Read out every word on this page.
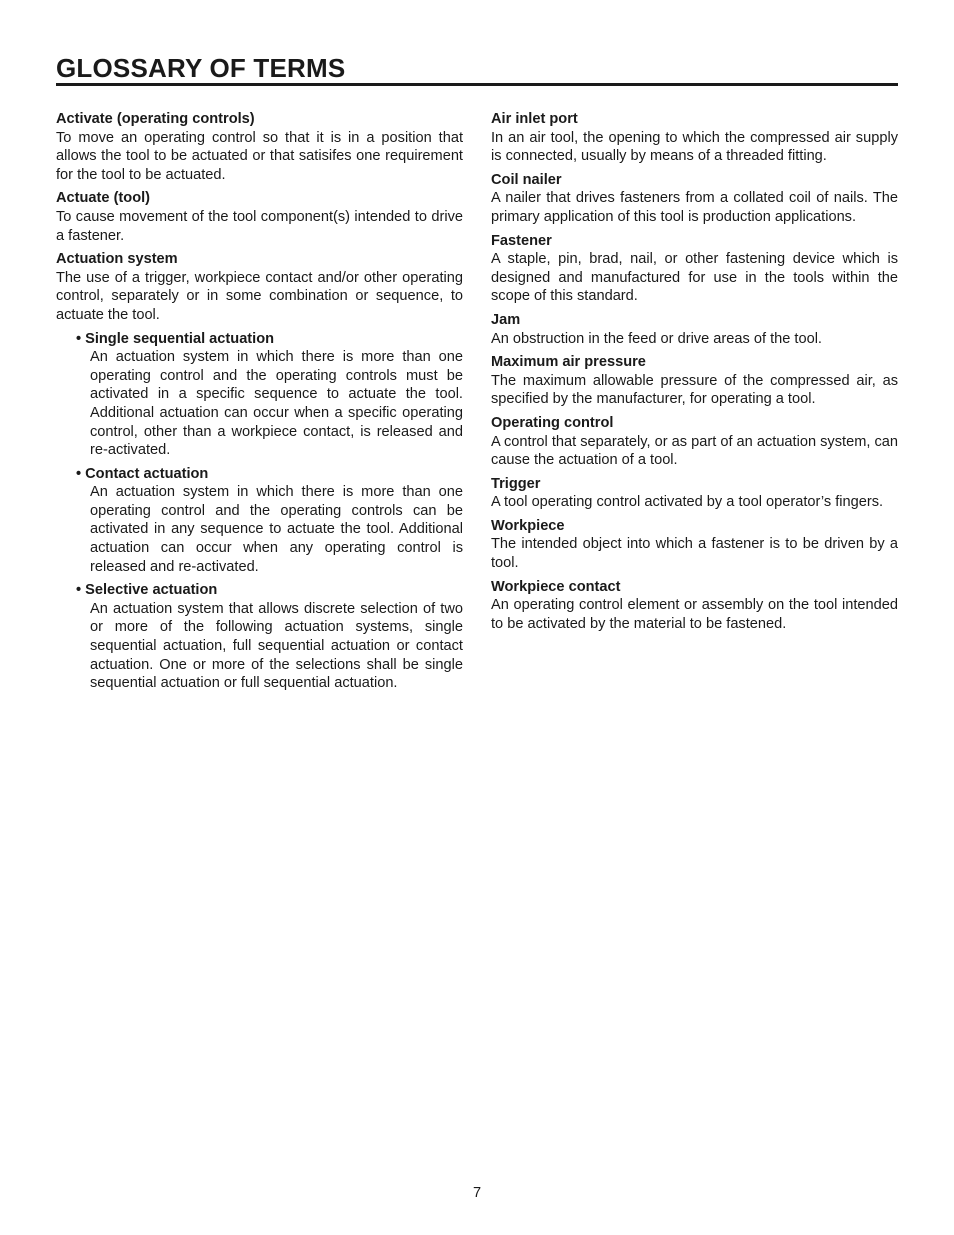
GLOSSARY OF TERMS

Activate (operating controls)

To move an operating control so that it is in a position that allows the tool to be actuated or that satisifes one requirement for the tool to be actuated.

Actuate (tool)

To cause movement of the tool component(s) intended to drive a fastener.

Actuation system

The use of a trigger, workpiece contact and/or other operating control, separately or in some combination or sequence, to actuate the tool.

• Single sequential actuation

An actuation system in which there is more than one operating control and the operating controls must be activated in a specific sequence to actuate the tool. Additional actuation can occur when a specific operating control, other than a workpiece contact, is released and re-activated.

• Contact actuation

An actuation system in which there is more than one operating control and the operating controls can be activated in any sequence to actuate the tool. Additional actuation can occur when any operating control is released and re-activated.

• Selective actuation

An actuation system that allows discrete selection of two or more of the following actuation systems, single sequential actuation, full sequential actuation or contact actuation. One or more of the selections shall be single sequential actuation or full sequential actuation.

Air inlet port

In an air tool, the opening to which the compressed air supply is connected, usually by means of a threaded fitting.

Coil nailer

A nailer that drives fasteners from a collated coil of nails. The primary application of this tool is production applications.

Fastener

A staple, pin, brad, nail, or other fastening device which is designed and manufactured for use in the tools within the scope of this standard.

Jam

An obstruction in the feed or drive areas of the tool.

Maximum air pressure

The maximum allowable pressure of the compressed air, as specified by the manufacturer, for operating a tool.

Operating control

A control that separately, or as part of an actuation system, can cause the actuation of a tool.

Trigger

A tool operating control activated by a tool operator’s fingers.

Workpiece

The intended object into which a fastener is to be driven by a tool.

Workpiece contact

An operating control element or assembly on the tool intended to be activated by the material to be fastened.

7
